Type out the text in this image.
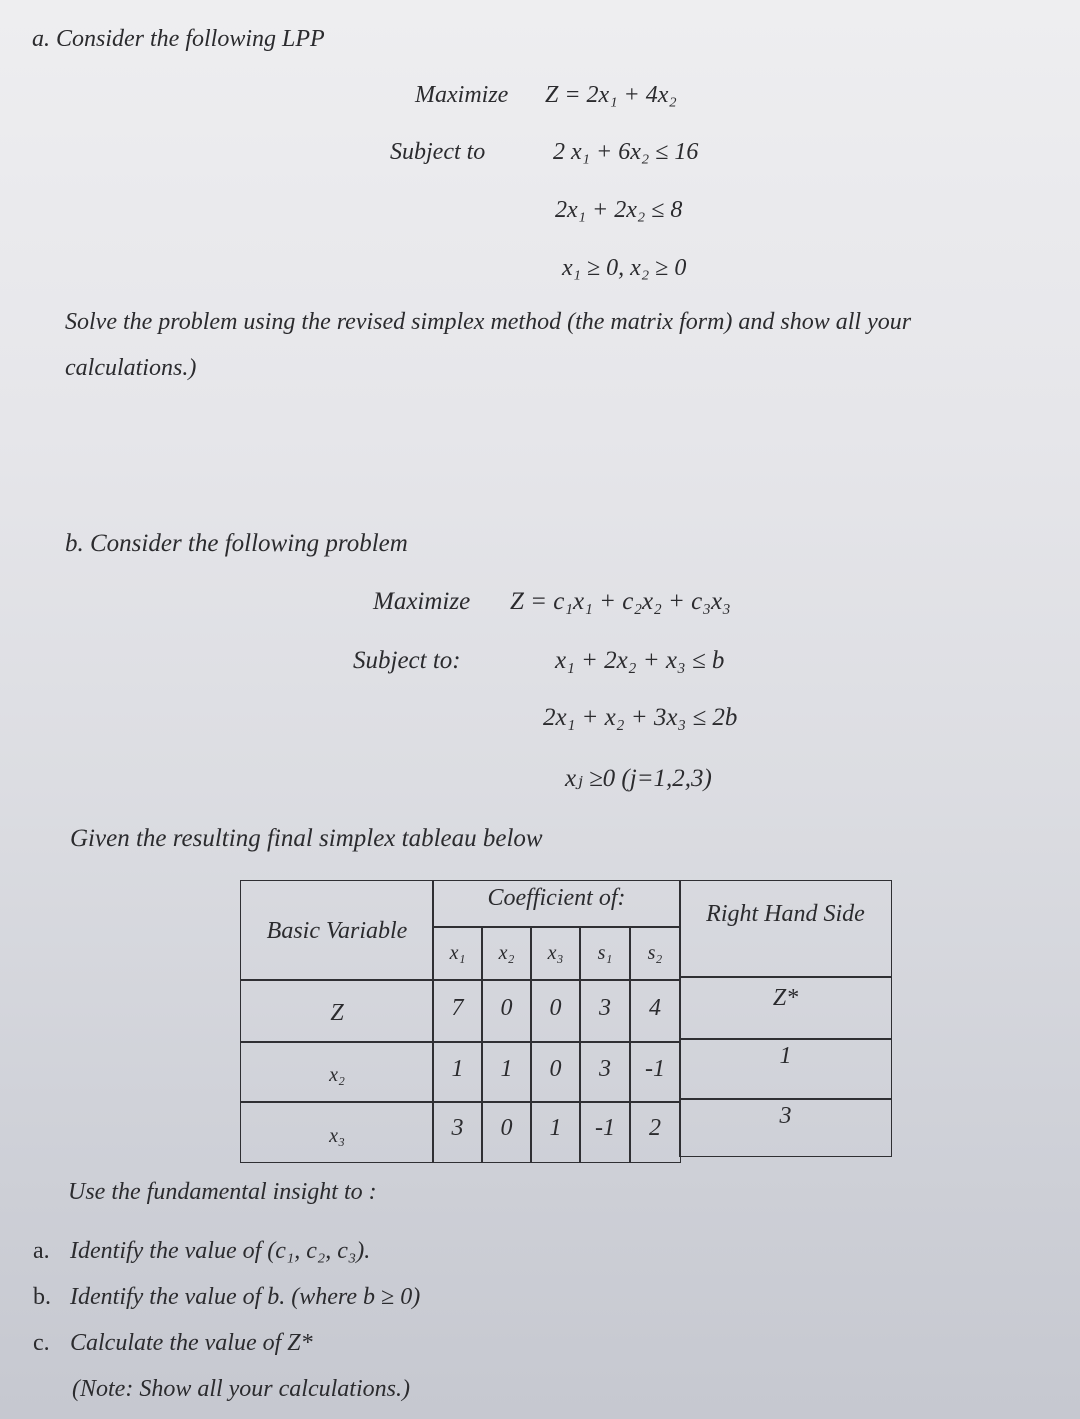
a. Consider the following LPP
Maximize Z = 2x₁ + 4x₂
Subject to	2 x₁ + 6x₂ ≤ 16
2x₁ + 2x₂ ≤ 8
x₁ ≥ 0, x₂ ≥ 0
Solve the problem using the revised simplex method (the matrix form) and show all your
calculations.)
b. Consider the following problem
Maximize Z = c₁x₁ + c₂x₂ + c₃x₃
Subject to:	x₁ + 2x₂ + x₃ ≤ b
2x₁ + x₂ + 3x₃ ≤ 2b
xⱼ ≥0 (j=1,2,3)
Given the resulting final simplex tableau below
Basic Variable
Coefficient of:
Right Hand Side
x₁	x₂	x₃	s₁	s₂
Z	7	0	0	3	4	Z*
x₂	1	1	0	3	-1	1
x₃	3	0	1	-1	2	3
Use the fundamental insight to :
a. Identify the value of (c₁, c₂, c₃).
b. Identify the value of b. (where b ≥ 0)
c. Calculate the value of Z*
(Note: Show all your calculations.)
